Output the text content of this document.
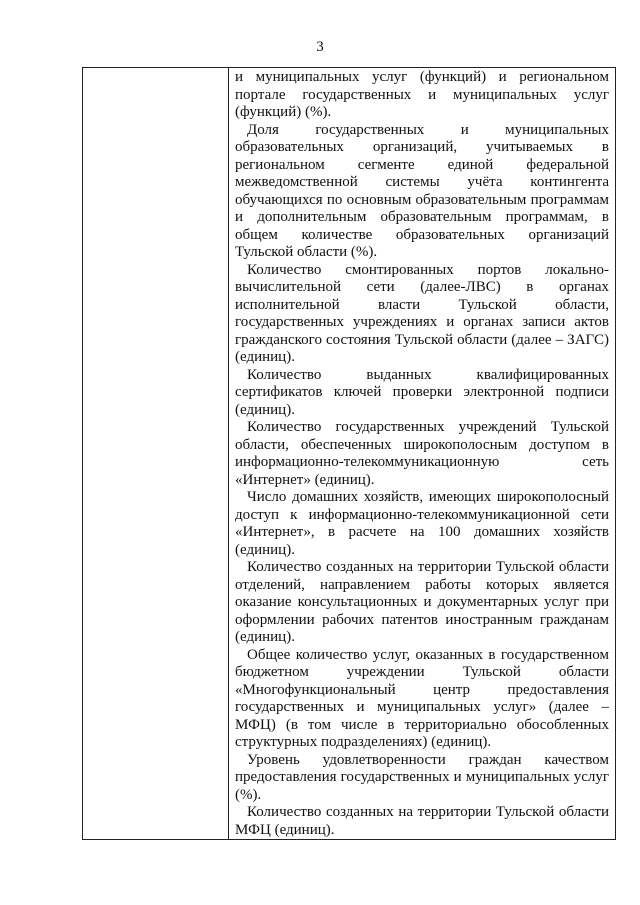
3

и муниципальных услуг (функций) и региональном портале государственных и муниципальных услуг (функций) (%).

Доля государственных и муниципальных образовательных организаций, учитываемых в региональном сегменте единой федеральной межведомственной системы учёта контингента обучающихся по основным образовательным программам и дополнительным образовательным программам, в общем количестве образовательных организаций Тульской области (%).

Количество смонтированных портов локально-вычислительной сети (далее-ЛВС) в органах исполнительной власти Тульской области, государственных учреждениях и органах записи актов гражданского состояния Тульской области (далее – ЗАГС) (единиц).

Количество выданных квалифицированных сертификатов ключей проверки электронной подписи (единиц).

Количество государственных учреждений Тульской области, обеспеченных широкополосным доступом в информационно-телекоммуникационную сеть «Интернет» (единиц).

Число домашних хозяйств, имеющих широкополосный доступ к информационно-телекоммуникационной сети «Интернет», в расчете на 100 домашних хозяйств (единиц).

Количество созданных на территории Тульской области отделений, направлением работы которых является оказание консультационных и документарных услуг при оформлении рабочих патентов иностранным гражданам (единиц).

Общее количество услуг, оказанных в государственном бюджетном учреждении Тульской области «Многофункциональный центр предоставления государственных и муниципальных услуг» (далее – МФЦ) (в том числе в территориально обособленных структурных подразделениях) (единиц).

Уровень удовлетворенности граждан качеством предоставления государственных и муниципальных услуг (%).

Количество созданных на территории Тульской области МФЦ (единиц).
